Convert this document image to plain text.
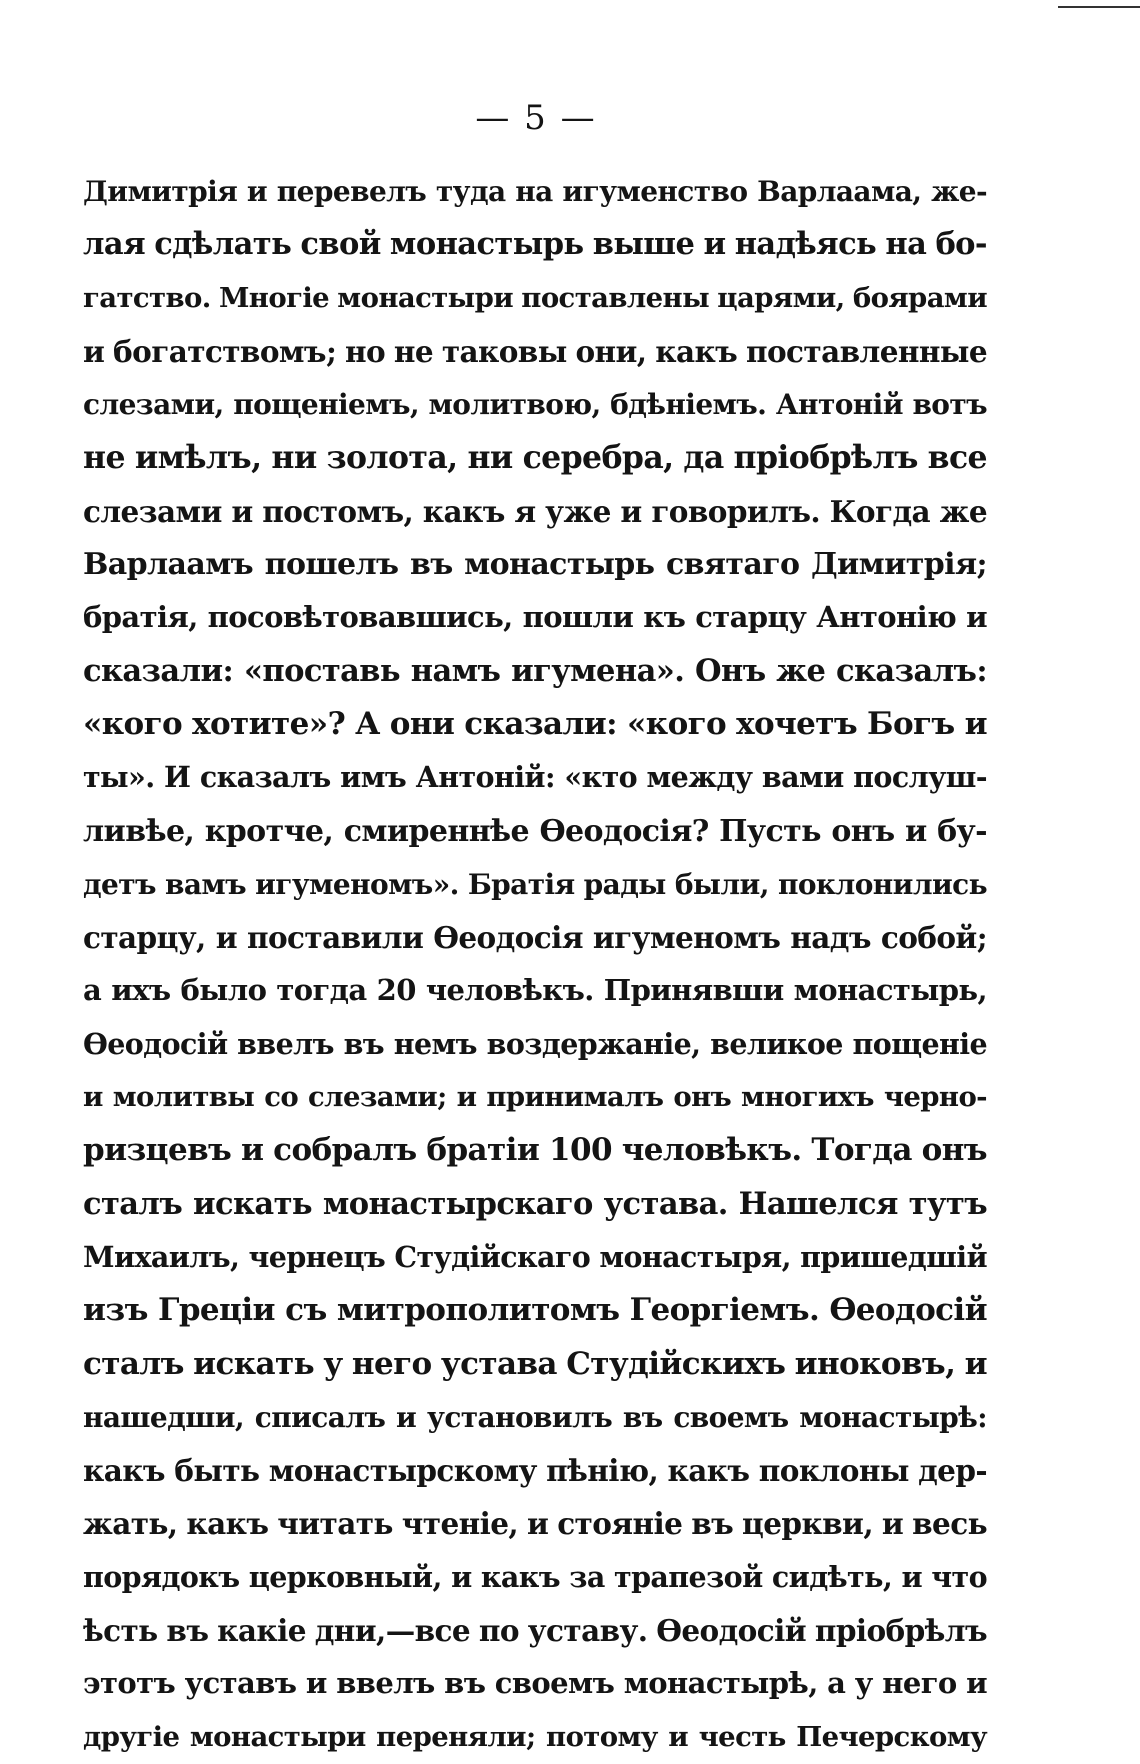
— 5 —
Димитрія и перевелъ туда на игуменство Варлаама, же-
лая сдѣлать свой монастырь выше и надѣясь на бо-
гатство. Многіе монастыри поставлены царями, боярами
и богатствомъ; но не таковы они, какъ поставленные
слезами, пощеніемъ, молитвою, бдѣніемъ. Антоній вотъ
не имѣлъ, ни золота, ни серебра, да пріобрѣлъ все
слезами и постомъ, какъ я уже и говорилъ. Когда же
Варлаамъ пошелъ въ монастырь святаго Димитрія;
братія, посовѣтовавшись, пошли къ старцу Антонію и
сказали: «поставь намъ игумена». Онъ же сказалъ:
«кого хотите»? А они сказали: «кого хочетъ Богъ и
ты». И сказалъ имъ Антоній: «кто между вами послуш-
ливѣе, кротче, смиреннѣе Ѳеодосія? Пусть онъ и бу-
детъ вамъ игуменомъ». Братія рады были, поклонились
старцу, и поставили Ѳеодосія игуменомъ надъ собой;
а ихъ было тогда 20 человѣкъ. Принявши монастырь,
Ѳеодосій ввелъ въ немъ воздержаніе, великое пощеніе
и молитвы со слезами; и принималъ онъ многихъ черно-
ризцевъ и собралъ братіи 100 человѣкъ. Тогда онъ
сталъ искать монастырскаго устава. Нашелся тутъ
Михаилъ, чернецъ Студійскаго монастыря, пришедшій
изъ Греціи съ митрополитомъ Георгіемъ. Ѳеодосій
сталъ искать у него устава Студійскихъ иноковъ, и
нашедши, списалъ и установилъ въ своемъ монастырѣ:
какъ быть монастырскому пѣнію, какъ поклоны дер-
жать, какъ читать чтеніе, и стояніе въ церкви, и весь
порядокъ церковный, и какъ за трапезой сидѣть, и что
ѣсть въ какіе дни,—все по уставу. Ѳеодосій пріобрѣлъ
этотъ уставъ и ввелъ въ своемъ монастырѣ, а у него и
другіе монастыри переняли; потому и честь Печерскому
